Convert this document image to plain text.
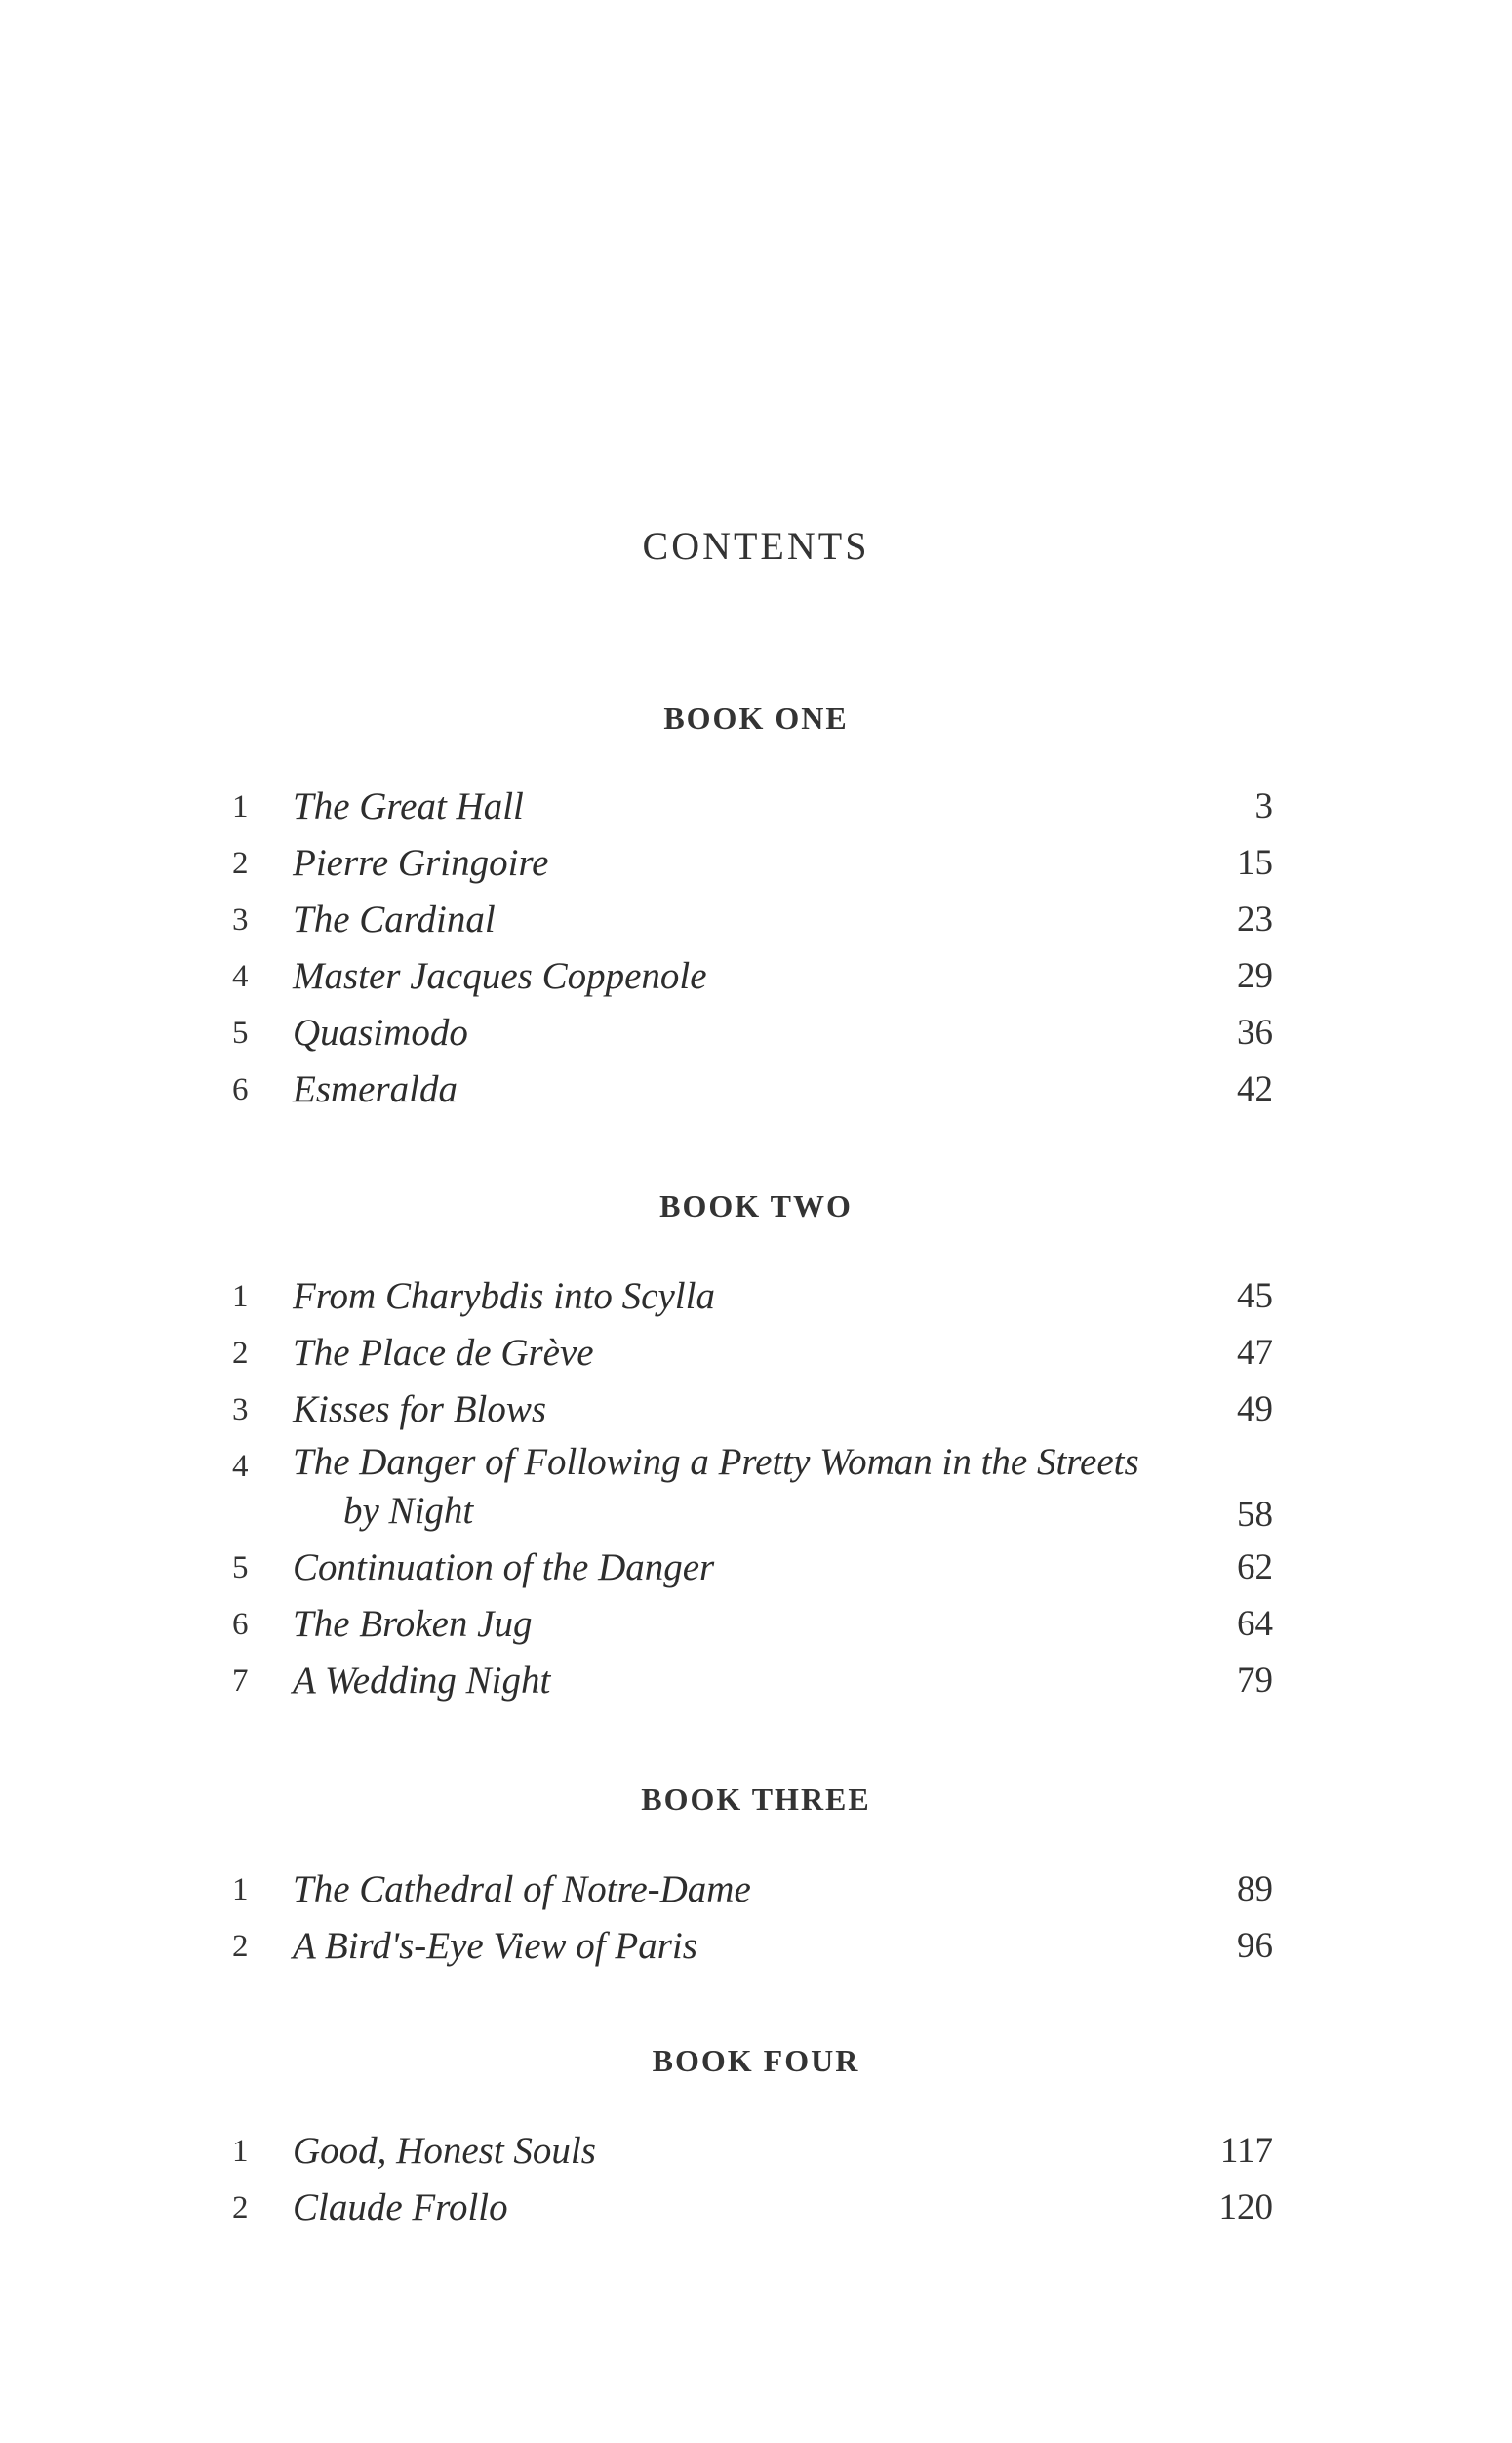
CONTENTS
BOOK ONE
1	The Great Hall	3
2	Pierre Gringoire	15
3	The Cardinal	23
4	Master Jacques Coppenole	29
5	Quasimodo	36
6	Esmeralda	42
BOOK TWO
1	From Charybdis into Scylla	45
2	The Place de Grève	47
3	Kisses for Blows	49
4	The Danger of Following a Pretty Woman in the Streets
by Night	58
5	Continuation of the Danger	62
6	The Broken Jug	64
7	A Wedding Night	79
BOOK THREE
1	The Cathedral of Notre-Dame	89
2	A Bird's-Eye View of Paris	96
BOOK FOUR
1	Good, Honest Souls	117
2	Claude Frollo	120
